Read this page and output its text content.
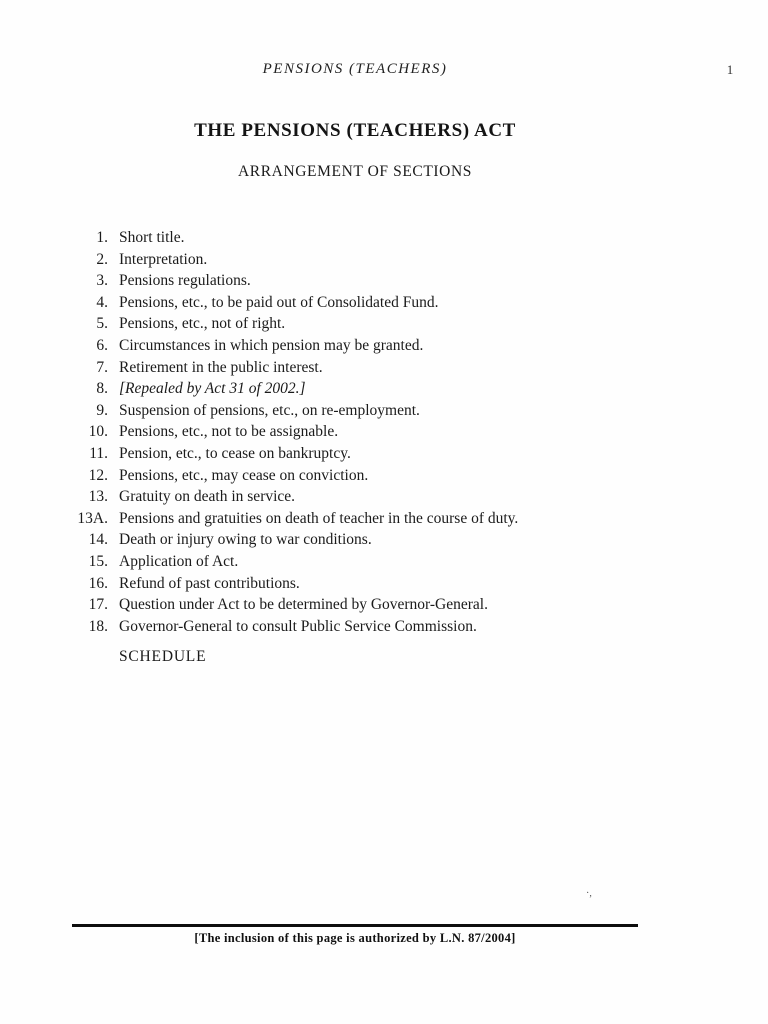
PENSIONS (TEACHERS)	1
THE PENSIONS (TEACHERS) ACT
ARRANGEMENT OF SECTIONS
1. Short title.
2. Interpretation.
3. Pensions regulations.
4. Pensions, etc., to be paid out of Consolidated Fund.
5. Pensions, etc., not of right.
6. Circumstances in which pension may be granted.
7. Retirement in the public interest.
8. [Repealed by Act 31 of 2002.]
9. Suspension of pensions, etc., on re-employment.
10. Pensions, etc., not to be assignable.
11. Pension, etc., to cease on bankruptcy.
12. Pensions, etc., may cease on conviction.
13. Gratuity on death in service.
13A. Pensions and gratuities on death of teacher in the course of duty.
14. Death or injury owing to war conditions.
15. Application of Act.
16. Refund of past contributions.
17. Question under Act to be determined by Governor-General.
18. Governor-General to consult Public Service Commission.
SCHEDULE
·,
[The inclusion of this page is authorized by L.N. 87/2004]
